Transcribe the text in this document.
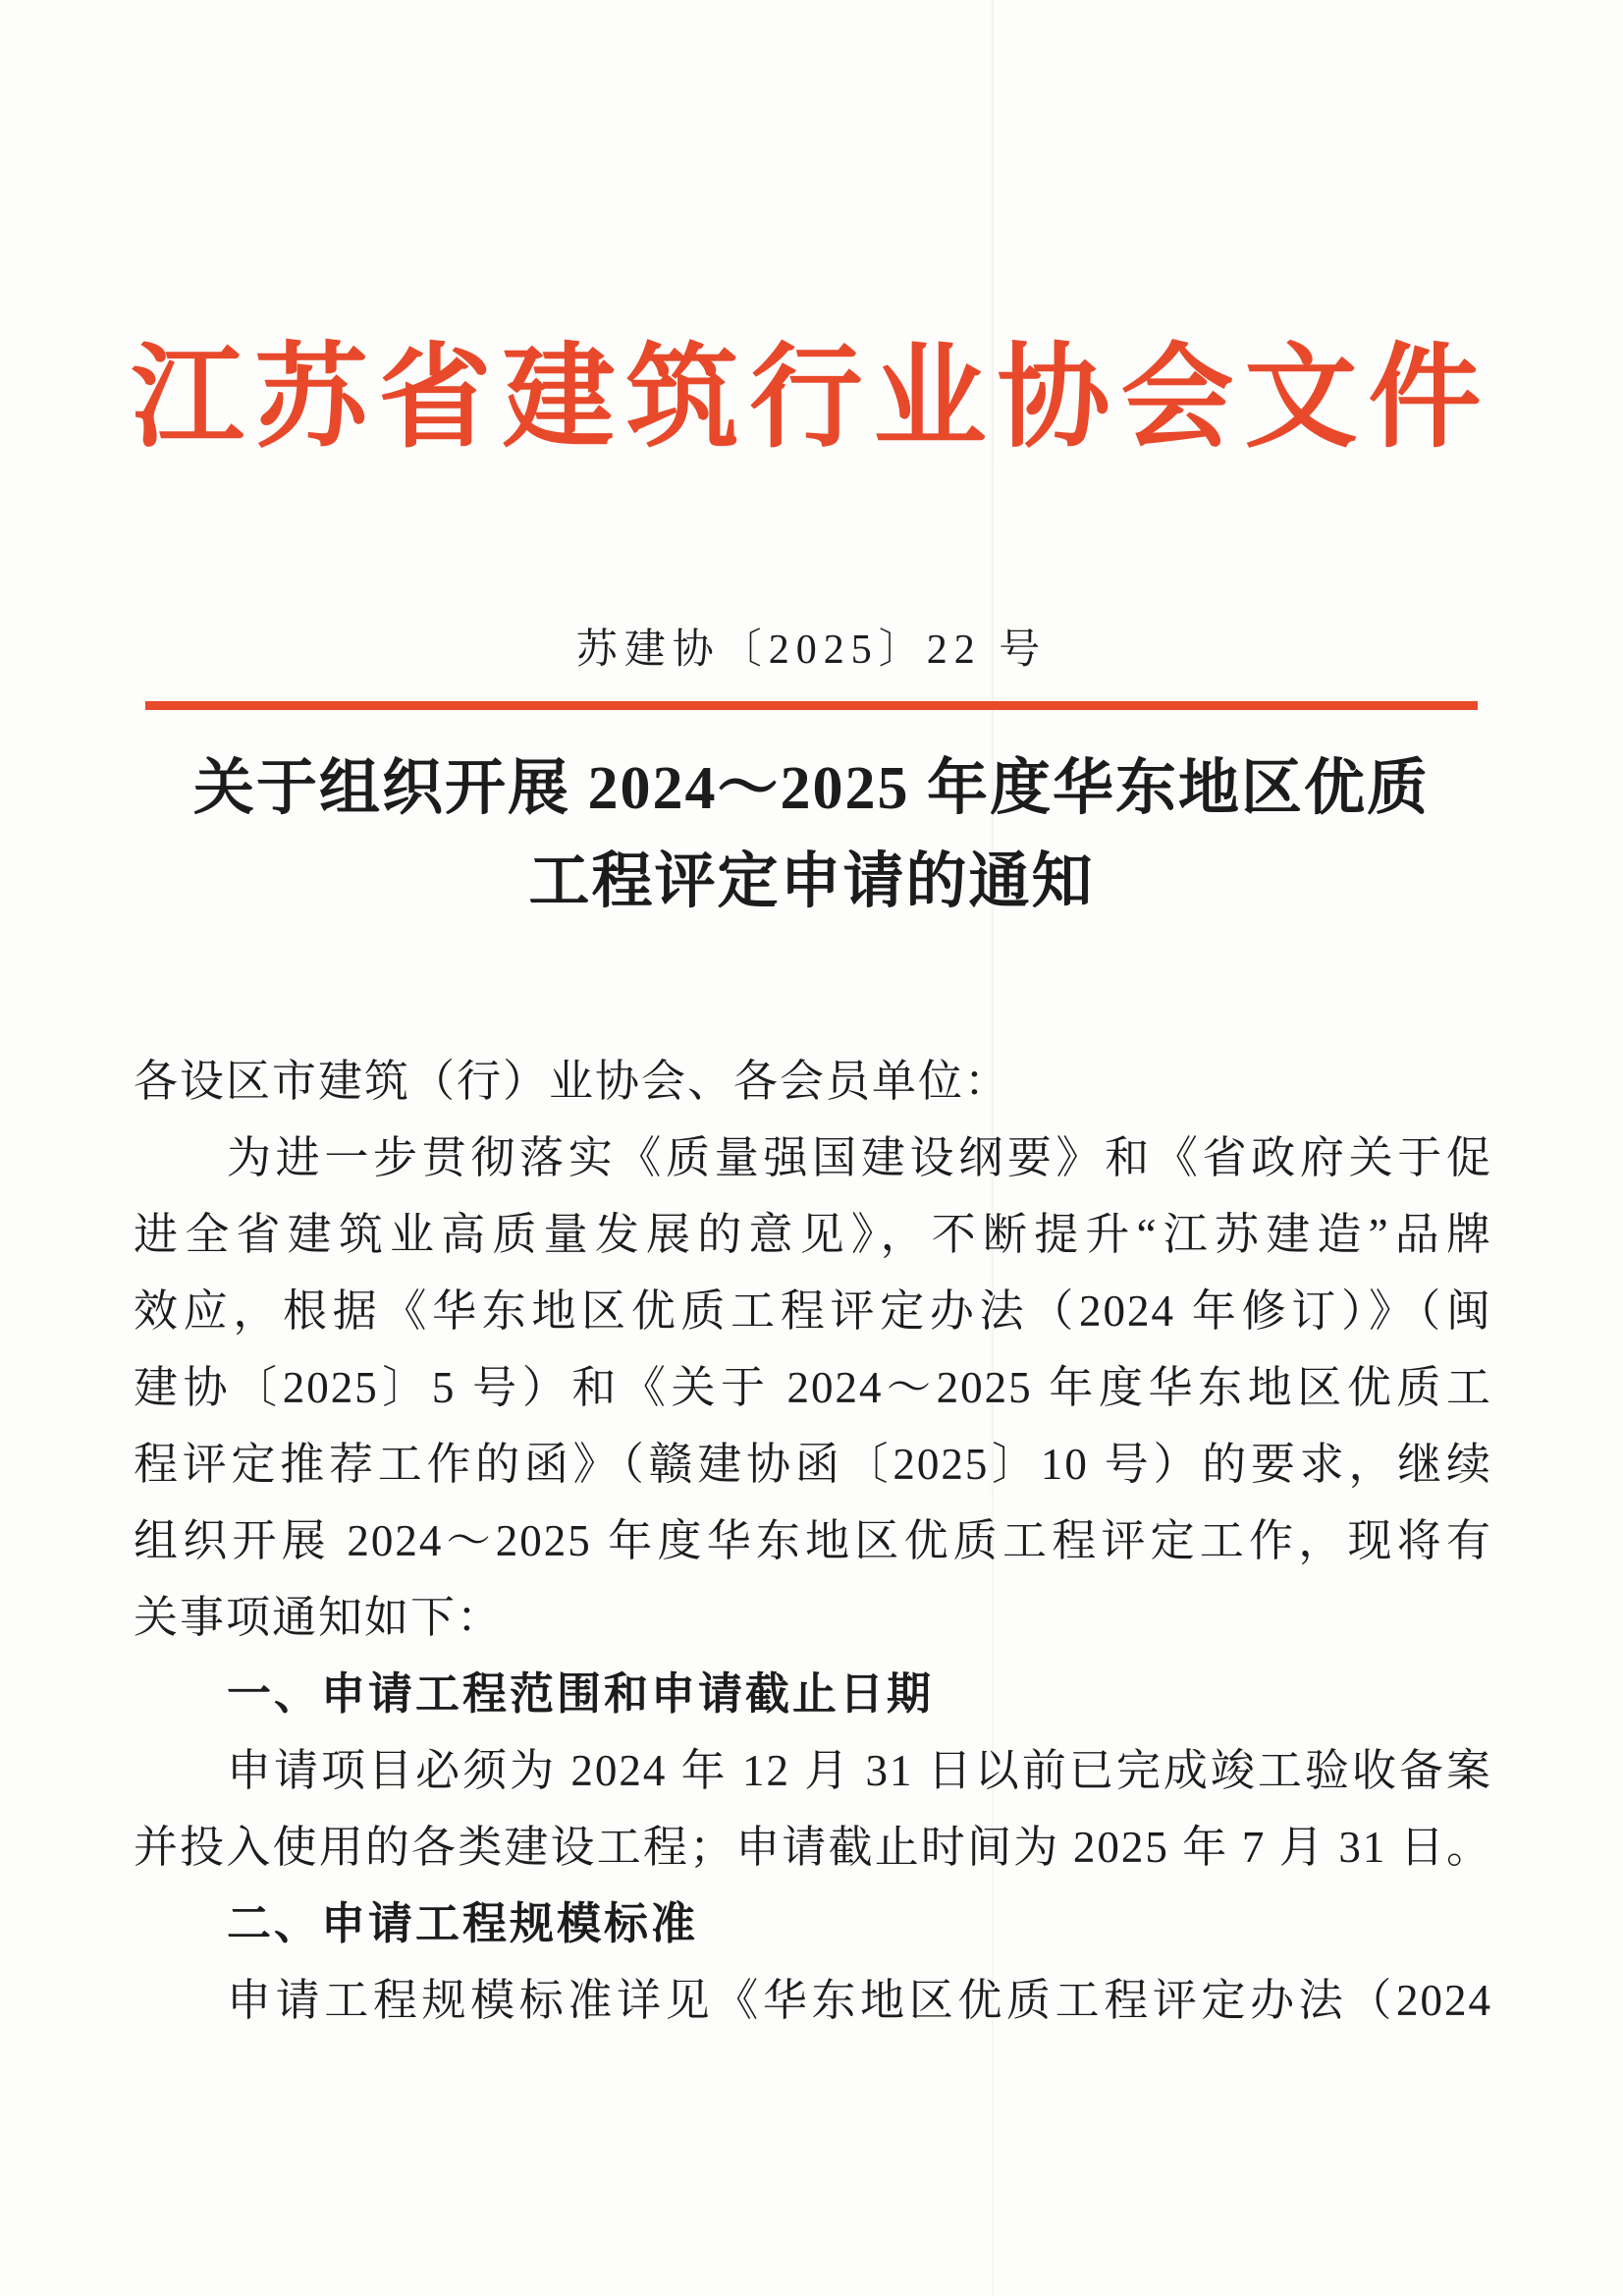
江苏省建筑行业协会文件
苏建协〔2025〕22 号
关于组织开展 2024～2025 年度华东地区优质
工程评定申请的通知
各设区市建筑（行）业协会、各会员单位：
为进一步贯彻落实《质量强国建设纲要》和《省政府关于促
进全省建筑业高质量发展的意见》，不断提升“江苏建造”品牌
效应，根据《华东地区优质工程评定办法（2024 年修订）》（闽
建协〔2025〕5 号）和《关于 2024～2025 年度华东地区优质工
程评定推荐工作的函》（赣建协函〔2025〕10 号）的要求，继续
组织开展 2024～2025 年度华东地区优质工程评定工作，现将有
关事项通知如下：
一、申请工程范围和申请截止日期
申请项目必须为 2024 年 12 月 31 日以前已完成竣工验收备案
并投入使用的各类建设工程；申请截止时间为 2025 年 7 月 31 日。
二、申请工程规模标准
申请工程规模标准详见《华东地区优质工程评定办法（2024
